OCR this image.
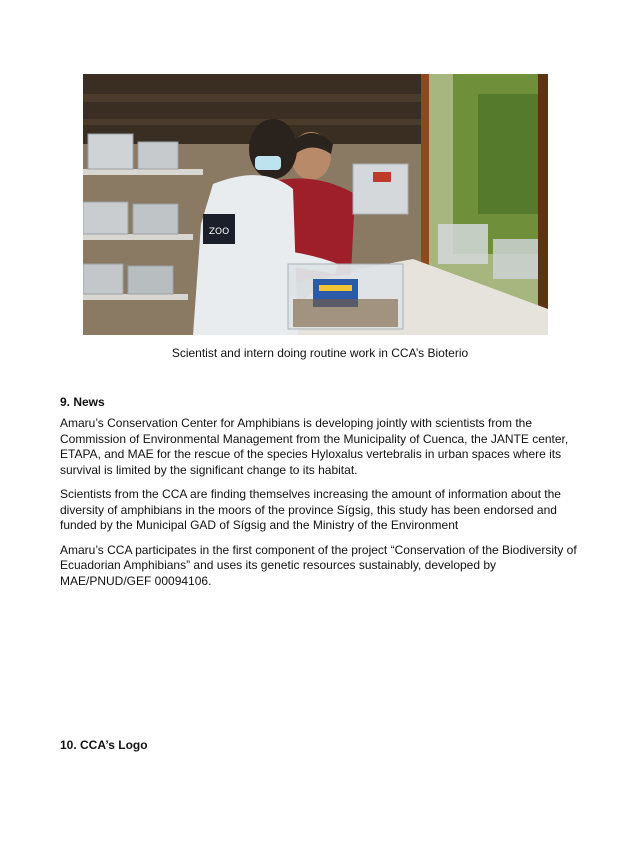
ZOO
Scientist and intern doing routine work in CCA’s Bioterio
9. News

Amaru’s Conservation Center for Amphibians is developing jointly with scientists from the Commission of Environmental Management from the Municipality of Cuenca, the JANTE center, ETAPA, and MAE for the rescue of the species Hyloxalus vertebralis in urban spaces where its survival is limited by the significant change to its habitat.

Scientists from the CCA are finding themselves increasing the amount of information about the diversity of amphibians in the moors of the province Sígsig, this study has been endorsed and funded by the Municipal GAD of Sígsig and the Ministry of the Environment

Amaru’s CCA participates in the first component of the project “Conservation of the Biodiversity of Ecuadorian Amphibians” and uses its genetic resources sustainably, developed by MAE/PNUD/GEF 00094106.

10. CCA’s Logo
